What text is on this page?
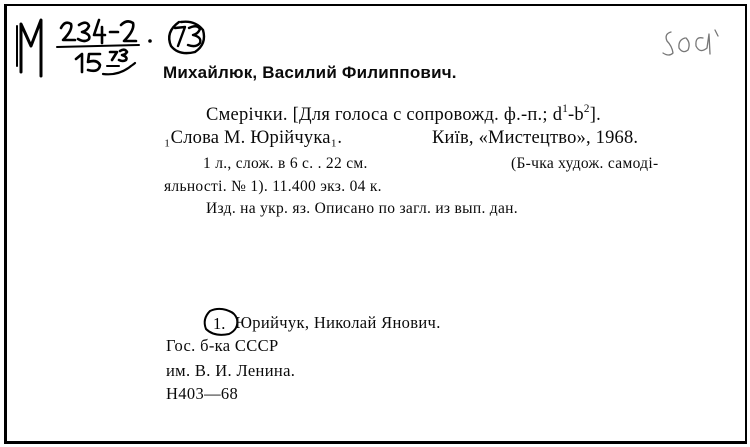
1.
Михайлюк, Василий Филиппович.
Смерічки. [Для голоса с сопровожд. ф.-п.; $d^1-b^2$].
₁Слова М. Юрійчука₁.	Київ, «Мистецтво», 1968.
1 л., слож. в 6 с. . 22 см.	(Б-чка худож. самоді-
яльності. № 1). 11.400 экз. 04 к.
Изд. на укр. яз. Описано по загл. из вып. дан.
Юрийчук, Николай Янович.
Гос. б-ка СССР
им. В. И. Ленина.
Н403—68
